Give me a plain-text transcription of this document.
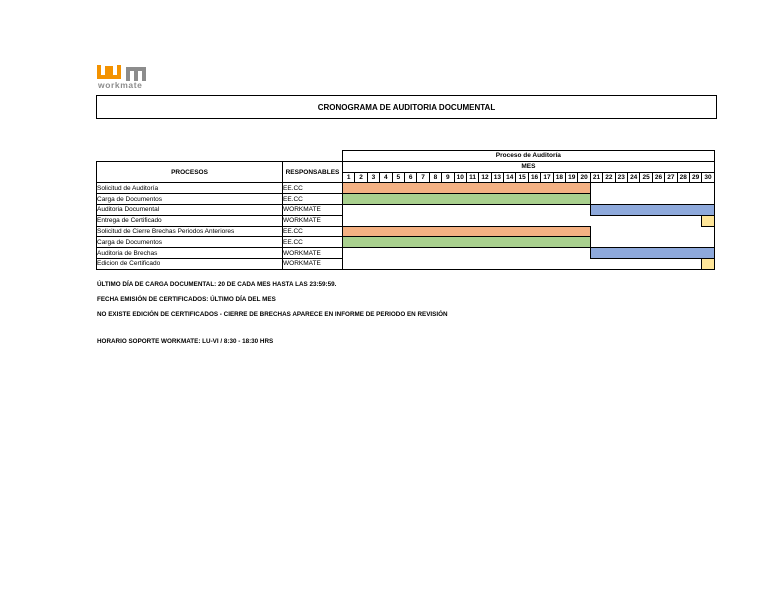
workmate
CRONOGRAMA DE AUDITORIA DOCUMENTAL
		Proceso de Auditoría																													
PROCESOS	RESPONSABLES	MES																													
		1	2	3	4	5	6	7	8	9	10	11	12	13	14	15	16	17	18	19	20	21	22	23	24	25	26	27	28	29	30
Solicitud de Auditoría	EE.CC																														
Carga de Documentos	EE.CC																														
Auditoria Documental	WORKMATE																														
Entrega de Certificado	WORKMATE																														
Solicitud de Cierre Brechas Periodos Anteriores	EE.CC																														
Carga de Documentos	EE.CC																														
Auditoria de Brechas	WORKMATE																														
Edicion de Certificado	WORKMATE																														
ÚLTIMO DÍA DE CARGA DOCUMENTAL: 20 DE CADA MES HASTA LAS 23:59:59.
FECHA EMISIÓN DE CERTIFICADOS: ÚLTIMO DÍA DEL MES
NO EXISTE EDICIÓN DE CERTIFICADOS - CIERRE DE BRECHAS APARECE EN INFORME DE PERIODO EN REVISIÓN
HORARIO SOPORTE WORKMATE: LU-VI / 8:30 - 18:30 HRS
